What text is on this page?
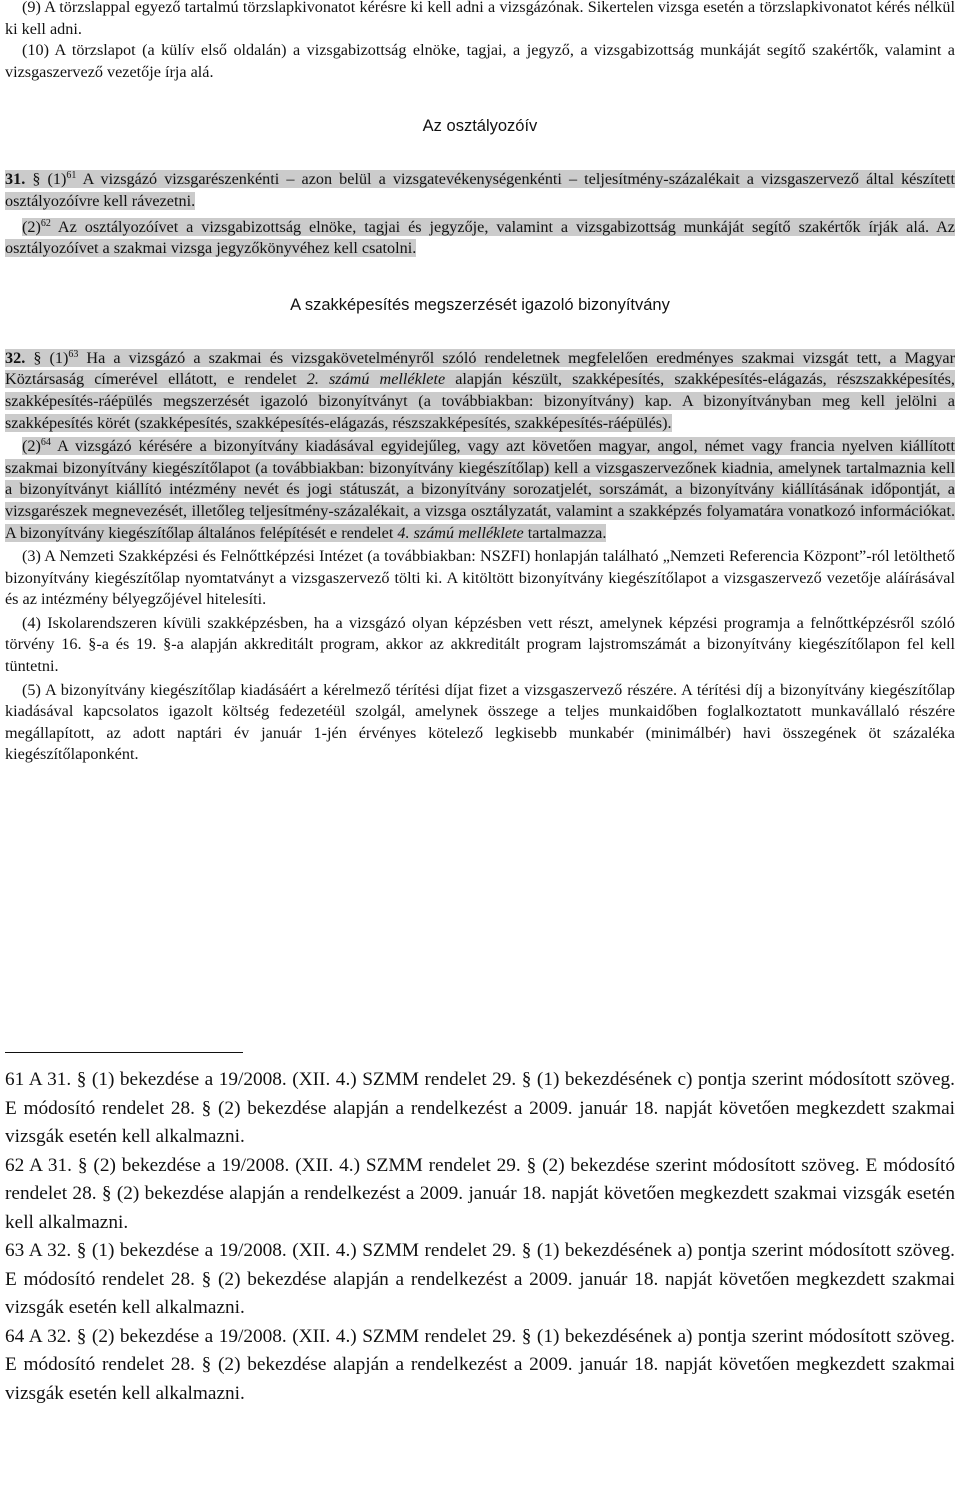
(9) A törzslappal egyező tartalmú törzslapkivonatot kérésre ki kell adni a vizsgázónak. Sikertelen vizsga esetén a törzslapkivonatot kérés nélkül ki kell adni.

(10) A törzslapot (a külív első oldalán) a vizsgabizottság elnöke, tagjai, a jegyző, a vizsgabizottság munkáját segítő szakértők, valamint a vizsgaszervező vezetője írja alá.

Az osztályozóív

31. § $(1)^{61}$ A vizsgázó vizsgarészenkénti – azon belül a vizsgatevékenységenkénti – teljesítmény-százalékait a vizsgaszervező által készített osztályozóívre kell rávezetni.

$(2)^{62}$ Az osztályozóívet a vizsgabizottság elnöke, tagjai és jegyzője, valamint a vizsgabizottság munkáját segítő szakértők írják alá. Az osztályozóívet a szakmai vizsga jegyzőkönyvéhez kell csatolni.

A szakképesítés megszerzését igazoló bizonyítvány

32. § $(1)^{63}$ Ha a vizsgázó a szakmai és vizsgakövetelményről szóló rendeletnek megfelelően eredményes szakmai vizsgát tett, a Magyar Köztársaság címerével ellátott, e rendelet 2. számú melléklete alapján készült, szakképesítés, szakképesítés-elágazás, részszakképesítés, szakképesítés-ráépülés megszerzését igazoló bizonyítványt (a továbbiakban: bizonyítvány) kap. A bizonyítványban meg kell jelölni a szakképesítés körét (szakképesítés, szakképesítés-elágazás, részszakképesítés, szakképesítés-ráépülés).

$(2)^{64}$ A vizsgázó kérésére a bizonyítvány kiadásával egyidejűleg, vagy azt követően magyar, angol, német vagy francia nyelven kiállított szakmai bizonyítvány kiegészítőlapot (a továbbiakban: bizonyítvány kiegészítőlap) kell a vizsgaszervezőnek kiadnia, amelynek tartalmaznia kell a bizonyítványt kiállító intézmény nevét és jogi státuszát, a bizonyítvány sorozatjelét, sorszámát, a bizonyítvány kiállításának időpontját, a vizsgarészek megnevezését, illetőleg teljesítmény-százalékait, a vizsga osztályzatát, valamint a szakképzés folyamatára vonatkozó információkat. A bizonyítvány kiegészítőlap általános felépítését e rendelet 4. számú melléklete tartalmazza.

(3) A Nemzeti Szakképzési és Felnőttképzési Intézet (a továbbiakban: NSZFI) honlapján található „Nemzeti Referencia Központ”-ról letölthető bizonyítvány kiegészítőlap nyomtatványt a vizsgaszervező tölti ki. A kitöltött bizonyítvány kiegészítőlapot a vizsgaszervező vezetője aláírásával és az intézmény bélyegzőjével hitelesíti.

(4) Iskolarendszeren kívüli szakképzésben, ha a vizsgázó olyan képzésben vett részt, amelynek képzési programja a felnőttképzésről szóló törvény 16. §-a és 19. §-a alapján akkreditált program, akkor az akkreditált program lajstromszámát a bizonyítvány kiegészítőlapon fel kell tüntetni.

(5) A bizonyítvány kiegészítőlap kiadásáért a kérelmező térítési díjat fizet a vizsgaszervező részére. A térítési díj a bizonyítvány kiegészítőlap kiadásával kapcsolatos igazolt költség fedezetéül szolgál, amelynek összege a teljes munkaidőben foglalkoztatott munkavállaló részére megállapított, az adott naptári év január 1-jén érvényes kötelező legkisebb munkabér (minimálbér) havi összegének öt százaléka kiegészítőlaponként.

61 A 31. § (1) bekezdése a 19/2008. (XII. 4.) SZMM rendelet 29. § (1) bekezdésének c) pontja szerint módosított szöveg. E módosító rendelet 28. § (2) bekezdése alapján a rendelkezést a 2009. január 18. napját követően megkezdett szakmai vizsgák esetén kell alkalmazni.

62 A 31. § (2) bekezdése a 19/2008. (XII. 4.) SZMM rendelet 29. § (2) bekezdése szerint módosított szöveg. E módosító rendelet 28. § (2) bekezdése alapján a rendelkezést a 2009. január 18. napját követően megkezdett szakmai vizsgák esetén kell alkalmazni.

63 A 32. § (1) bekezdése a 19/2008. (XII. 4.) SZMM rendelet 29. § (1) bekezdésének a) pontja szerint módosított szöveg. E módosító rendelet 28. § (2) bekezdése alapján a rendelkezést a 2009. január 18. napját követően megkezdett szakmai vizsgák esetén kell alkalmazni.

64 A 32. § (2) bekezdése a 19/2008. (XII. 4.) SZMM rendelet 29. § (1) bekezdésének a) pontja szerint módosított szöveg. E módosító rendelet 28. § (2) bekezdése alapján a rendelkezést a 2009. január 18. napját követően megkezdett szakmai vizsgák esetén kell alkalmazni.
